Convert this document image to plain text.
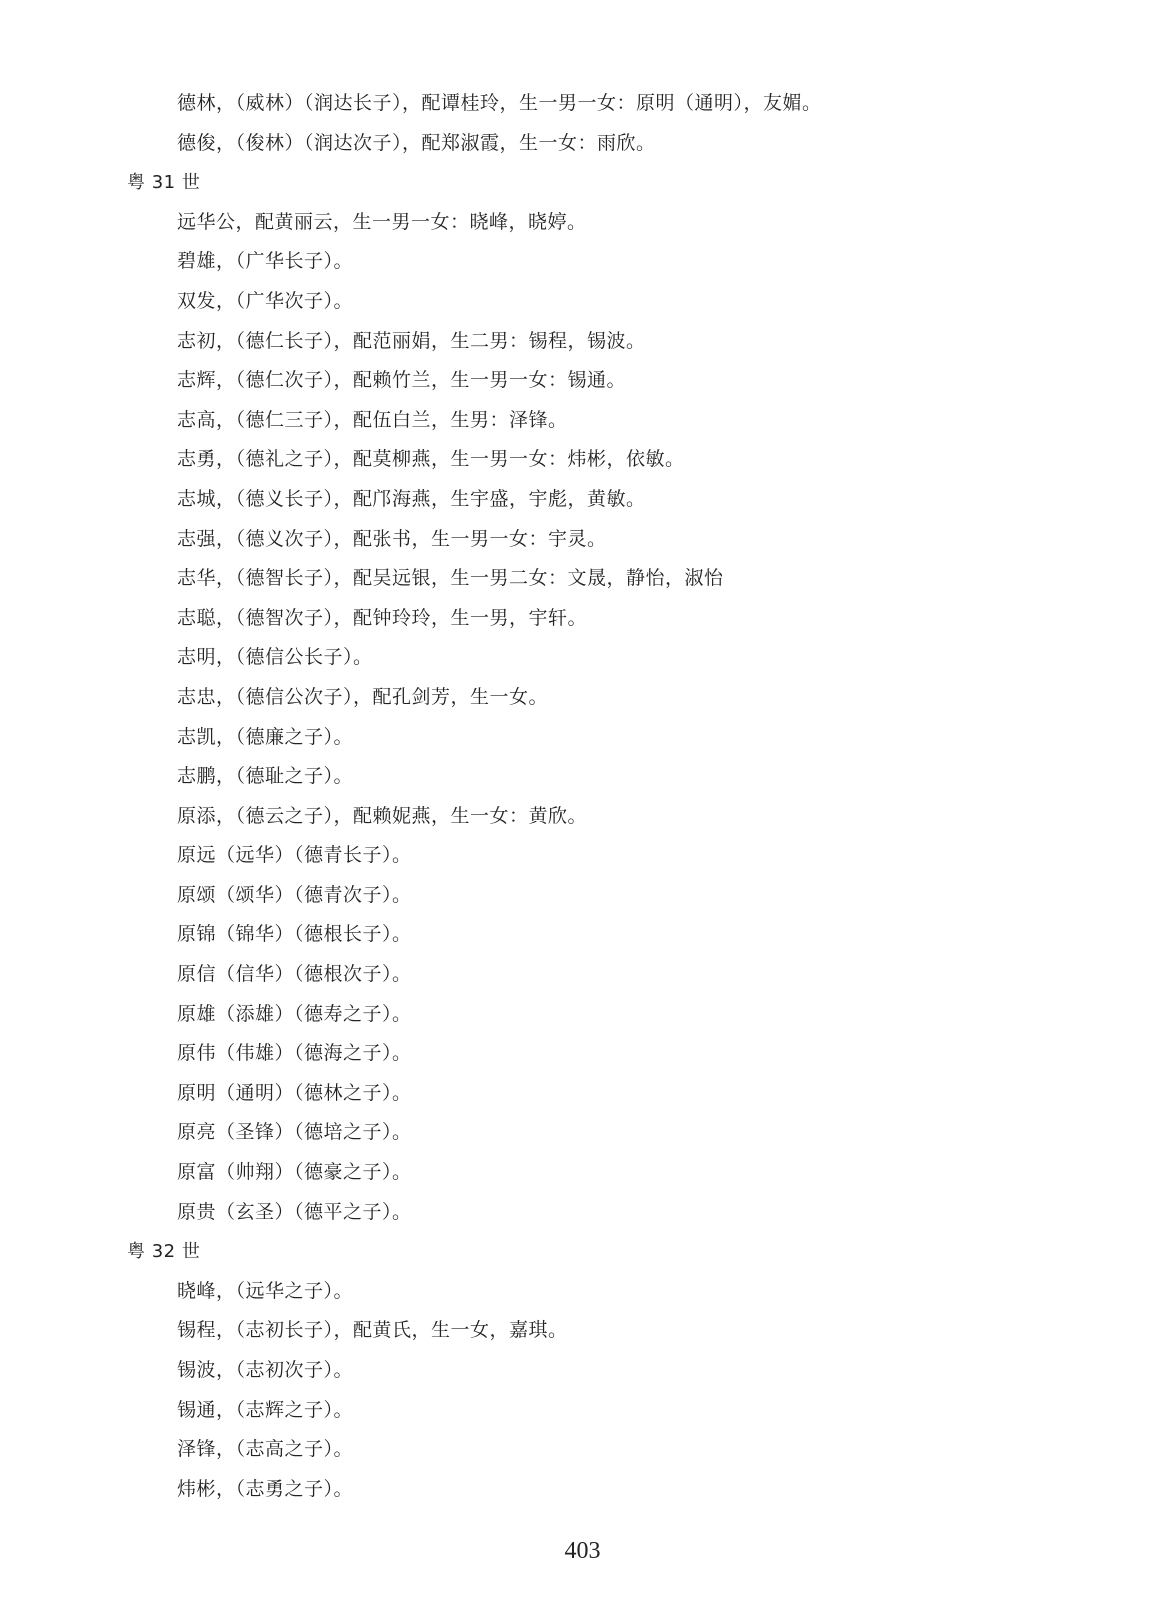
德林，（威林）（润达长子），配谭桂玲，生一男一女：原明（通明），友媚。
德俊，（俊林）（润达次子），配郑淑霞，生一女：雨欣。
粤 31 世
远华公，配黄丽云，生一男一女：晓峰，晓婷。
碧雄，（广华长子）。
双发，（广华次子）。
志初，（德仁长子），配范丽娟，生二男：锡程，锡波。
志辉，（德仁次子），配赖竹兰，生一男一女：锡通。
志高，（德仁三子），配伍白兰，生男：泽锋。
志勇，（德礼之子），配莫柳燕，生一男一女：炜彬，依敏。
志城，（德义长子），配邝海燕，生宇盛，宇彪，黄敏。
志强，（德义次子），配张书，生一男一女：宇灵。
志华，（德智长子），配吴远银，生一男二女：文晟，静怡，淑怡
志聪，（德智次子），配钟玲玲，生一男，宇轩。
志明，（德信公长子）。
志忠，（德信公次子），配孔剑芳，生一女。
志凯，（德廉之子）。
志鹏，（德耻之子）。
原添，（德云之子），配赖妮燕，生一女：黄欣。
原远（远华）（德青长子）。
原颂（颂华）（德青次子）。
原锦（锦华）（德根长子）。
原信（信华）（德根次子）。
原雄（添雄）（德寿之子）。
原伟（伟雄）（德海之子）。
原明（通明）（德林之子）。
原亮（圣锋）（德培之子）。
原富（帅翔）（德豪之子）。
原贵（玄圣）（德平之子）。
粤 32 世
晓峰，（远华之子）。
锡程，（志初长子），配黄氏，生一女，嘉琪。
锡波，（志初次子）。
锡通，（志辉之子）。
泽锋，（志高之子）。
炜彬，（志勇之子）。
403
